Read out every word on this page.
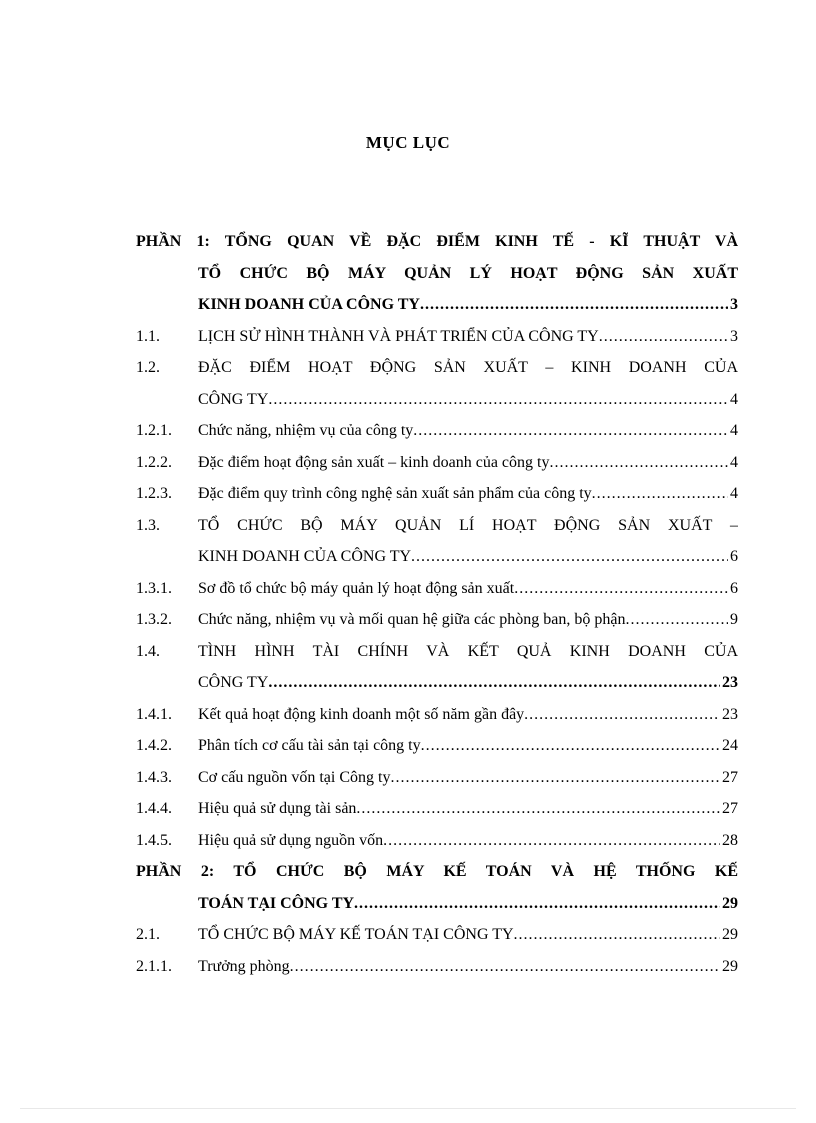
MỤC LỤC
PHẦN 1: TỔNG QUAN VỀ ĐẶC ĐIỂM KINH TẾ - KĨ THUẬT VÀ
TỔ CHỨC BỘ MÁY QUẢN LÝ HOẠT ĐỘNG SẢN XUẤT
KINH DOANH CỦA CÔNG TY .....	3
1.1.	LỊCH SỬ HÌNH THÀNH VÀ PHÁT TRIỂN CỦA CÔNG TY .....	3
1.2.	ĐẶC ĐIỂM HOẠT ĐỘNG SẢN XUẤT – KINH DOANH CỦA
CÔNG TY .....	4
1.2.1.	Chức năng, nhiệm vụ của công ty .....	4
1.2.2.	Đặc điểm hoạt động sản xuất – kinh doanh của công ty .....	4
1.2.3.	Đặc điểm quy trình công nghệ sản xuất sản phẩm của công ty .....	4
1.3.	TỔ CHỨC BỘ MÁY QUẢN LÍ HOẠT ĐỘNG SẢN XUẤT –
KINH DOANH CỦA CÔNG TY .....	6
1.3.1.	Sơ đồ tổ chức bộ máy quản lý hoạt động sản xuất .....	6
1.3.2.	Chức năng, nhiệm vụ và mối quan hệ giữa các phòng ban, bộ phận .....	9
1.4.	TÌNH HÌNH TÀI CHÍNH VÀ KẾT QUẢ KINH DOANH CỦA
CÔNG TY .....	23
1.4.1.	Kết quả hoạt động kinh doanh một số năm gần đây .....	23
1.4.2.	Phân tích cơ cấu tài sản tại công ty .....	24
1.4.3.	Cơ cấu nguồn vốn tại Công ty .....	27
1.4.4.	Hiệu quả sử dụng tài sản .....	27
1.4.5.	Hiệu quả sử dụng nguồn vốn .....	28
PHẦN 2: TỔ CHỨC BỘ MÁY KẾ TOÁN VÀ HỆ THỐNG KẾ
TOÁN TẠI CÔNG TY .....	29
2.1.	TỔ CHỨC BỘ MÁY KẾ TOÁN TẠI CÔNG TY .....	29
2.1.1.	Trưởng phòng .....	29
